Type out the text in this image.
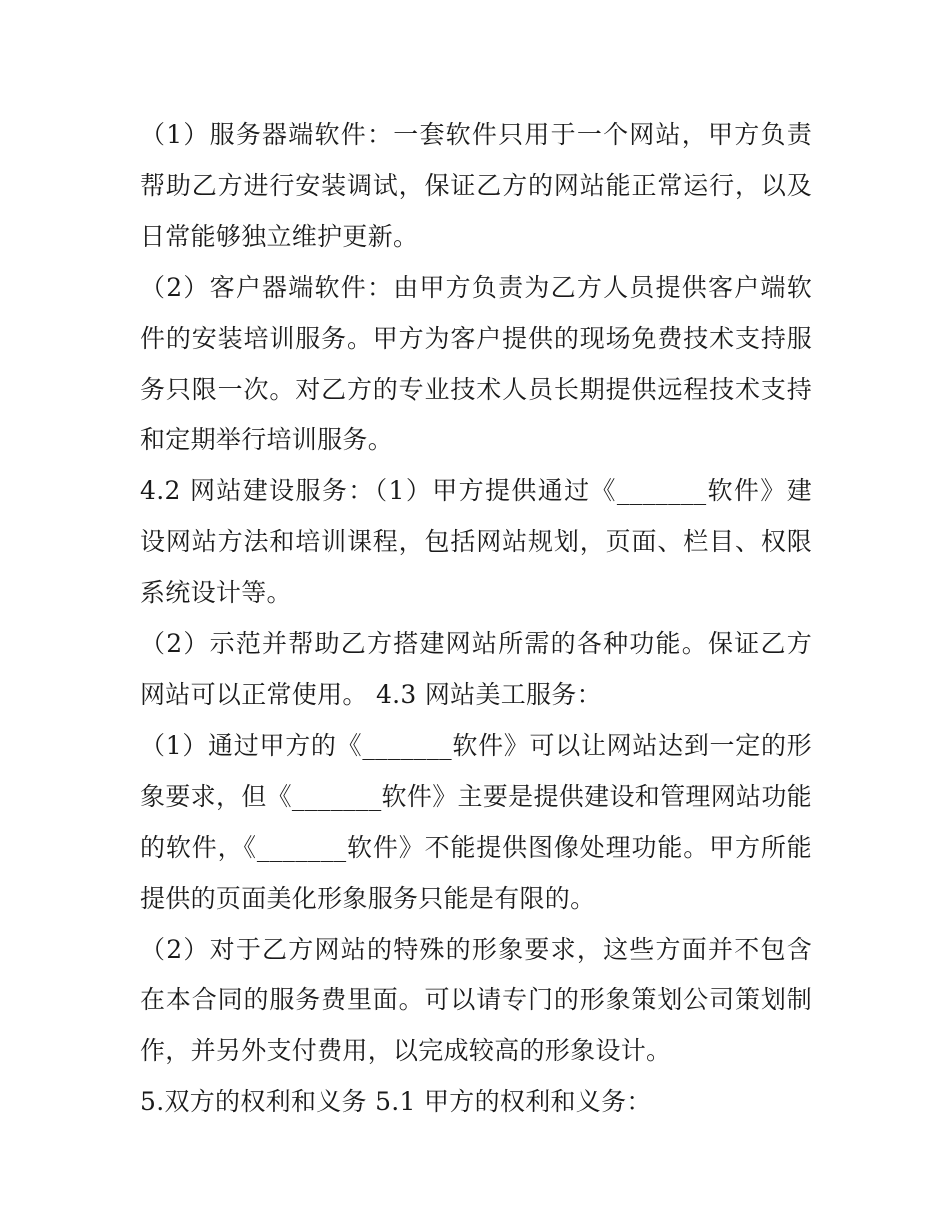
（1）服务器端软件：一套软件只用于一个网站，甲方负责帮助乙方进行安装调试，保证乙方的网站能正常运行，以及日常能够独立维护更新。

（2）客户器端软件：由甲方负责为乙方人员提供客户端软件的安装培训服务。甲方为客户提供的现场免费技术支持服务只限一次。对乙方的专业技术人员长期提供远程技术支持和定期举行培训服务。

4.2 网站建设服务：（1）甲方提供通过《_______软件》建设网站方法和培训课程，包括网站规划，页面、栏目、权限系统设计等。

（2）示范并帮助乙方搭建网站所需的各种功能。保证乙方网站可以正常使用。 4.3 网站美工服务：

（1）通过甲方的《_______软件》可以让网站达到一定的形象要求，但《_______软件》主要是提供建设和管理网站功能的软件，《_______软件》不能提供图像处理功能。甲方所能提供的页面美化形象服务只能是有限的。

（2）对于乙方网站的特殊的形象要求，这些方面并不包含在本合同的服务费里面。可以请专门的形象策划公司策划制作，并另外支付费用，以完成较高的形象设计。

5.双方的权利和义务 5.1 甲方的权利和义务：
